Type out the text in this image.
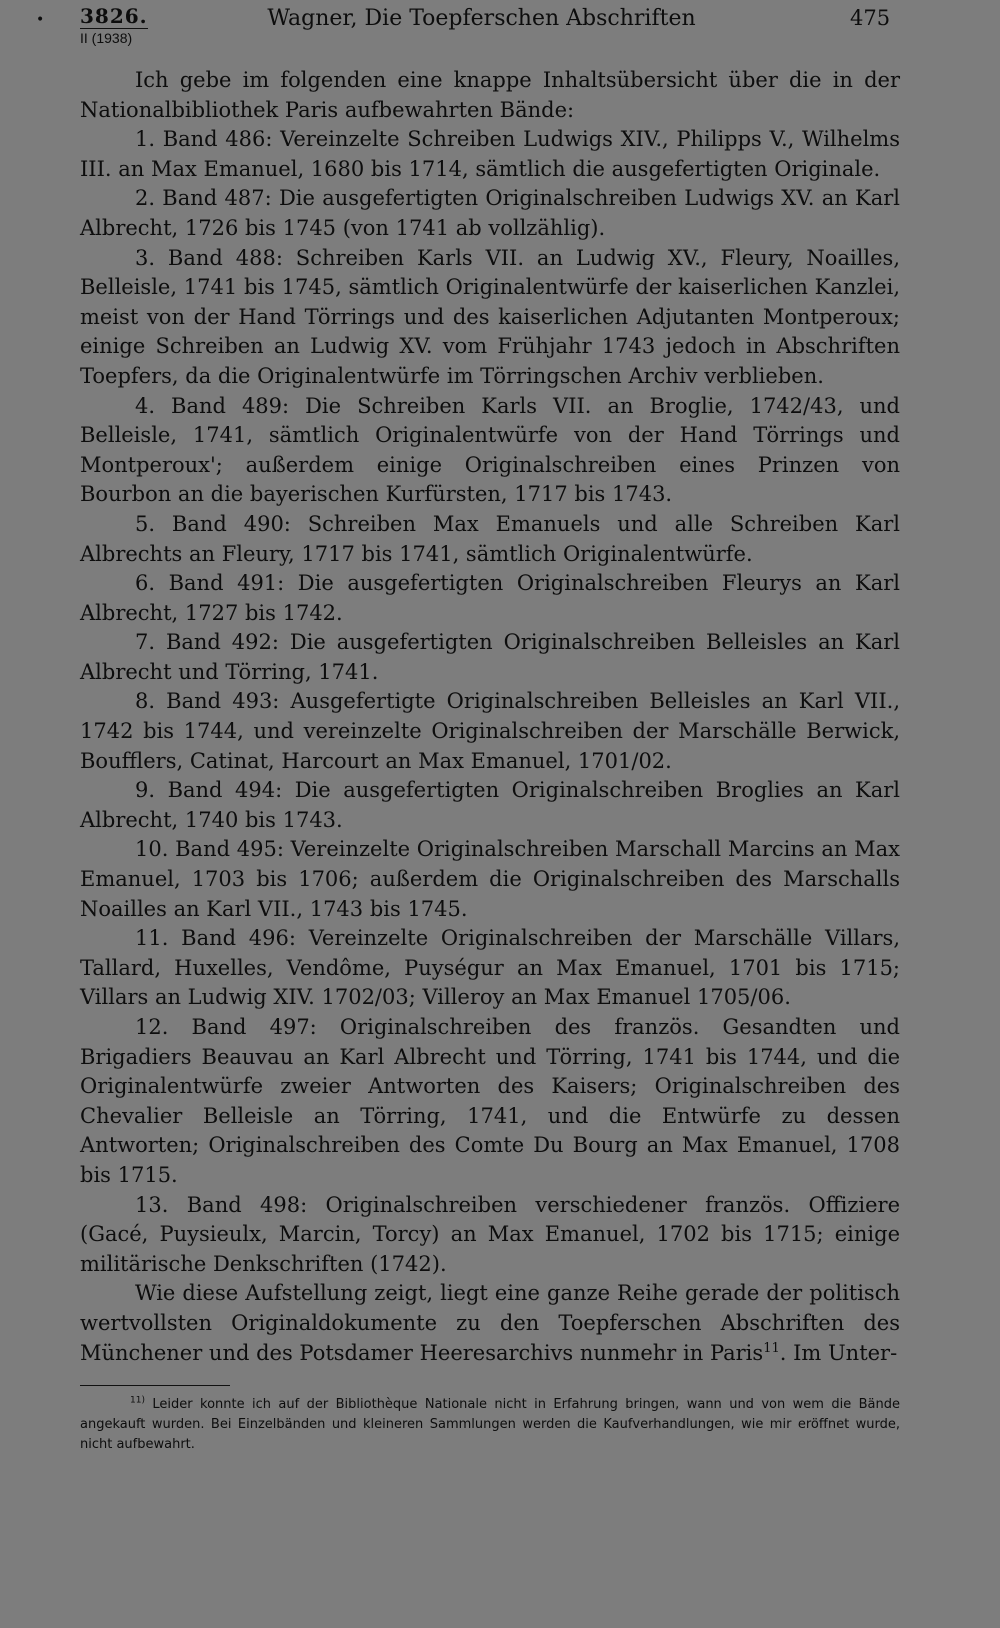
• 3826.
II (1938)
Wagner, Die Toepferschen Abschriften	475

Ich gebe im folgenden eine knappe Inhaltsübersicht über die in der Nationalbibliothek Paris aufbewahrten Bände:

1. Band 486: Vereinzelte Schreiben Ludwigs XIV., Philipps V., Wilhelms III. an Max Emanuel, 1680 bis 1714, sämtlich die ausgefertigten Originale.

2. Band 487: Die ausgefertigten Originalschreiben Ludwigs XV. an Karl Albrecht, 1726 bis 1745 (von 1741 ab vollzählig).

3. Band 488: Schreiben Karls VII. an Ludwig XV., Fleury, Noailles, Belleisle, 1741 bis 1745, sämtlich Originalentwürfe der kaiserlichen Kanzlei, meist von der Hand Törrings und des kaiserlichen Adjutanten Montperoux; einige Schreiben an Ludwig XV. vom Frühjahr 1743 jedoch in Abschriften Toepfers, da die Originalentwürfe im Törringschen Archiv verblieben.

4. Band 489: Die Schreiben Karls VII. an Broglie, 1742/43, und Belleisle, 1741, sämtlich Originalentwürfe von der Hand Törrings und Montperoux'; außerdem einige Originalschreiben eines Prinzen von Bourbon an die bayerischen Kurfürsten, 1717 bis 1743.

5. Band 490: Schreiben Max Emanuels und alle Schreiben Karl Albrechts an Fleury, 1717 bis 1741, sämtlich Originalentwürfe.

6. Band 491: Die ausgefertigten Originalschreiben Fleurys an Karl Albrecht, 1727 bis 1742.

7. Band 492: Die ausgefertigten Originalschreiben Belleisles an Karl Albrecht und Törring, 1741.

8. Band 493: Ausgefertigte Originalschreiben Belleisles an Karl VII., 1742 bis 1744, und vereinzelte Originalschreiben der Marschälle Berwick, Boufflers, Catinat, Harcourt an Max Emanuel, 1701/02.

9. Band 494: Die ausgefertigten Originalschreiben Broglies an Karl Albrecht, 1740 bis 1743.

10. Band 495: Vereinzelte Originalschreiben Marschall Marcins an Max Emanuel, 1703 bis 1706; außerdem die Originalschreiben des Marschalls Noailles an Karl VII., 1743 bis 1745.

11. Band 496: Vereinzelte Originalschreiben der Marschälle Villars, Tallard, Huxelles, Vendôme, Puységur an Max Emanuel, 1701 bis 1715; Villars an Ludwig XIV. 1702/03; Villeroy an Max Emanuel 1705/06.

12. Band 497: Originalschreiben des französ. Gesandten und Brigadiers Beauvau an Karl Albrecht und Törring, 1741 bis 1744, und die Originalentwürfe zweier Antworten des Kaisers; Originalschreiben des Chevalier Belleisle an Törring, 1741, und die Entwürfe zu dessen Antworten; Originalschreiben des Comte Du Bourg an Max Emanuel, 1708 bis 1715.

13. Band 498: Originalschreiben verschiedener französ. Offiziere (Gacé, Puysieulx, Marcin, Torcy) an Max Emanuel, 1702 bis 1715; einige militärische Denkschriften (1742).

Wie diese Aufstellung zeigt, liegt eine ganze Reihe gerade der politisch wertvollsten Originaldokumente zu den Toepferschen Abschriften des Münchener und des Potsdamer Heeresarchivs nunmehr in Paris$^{11}$. Im Unter-

$^{11)}$ Leider konnte ich auf der Bibliothèque Nationale nicht in Erfahrung bringen, wann und von wem die Bände angekauft wurden. Bei Einzelbänden und kleineren Sammlungen werden die Kaufverhandlungen, wie mir eröffnet wurde, nicht aufbewahrt.
